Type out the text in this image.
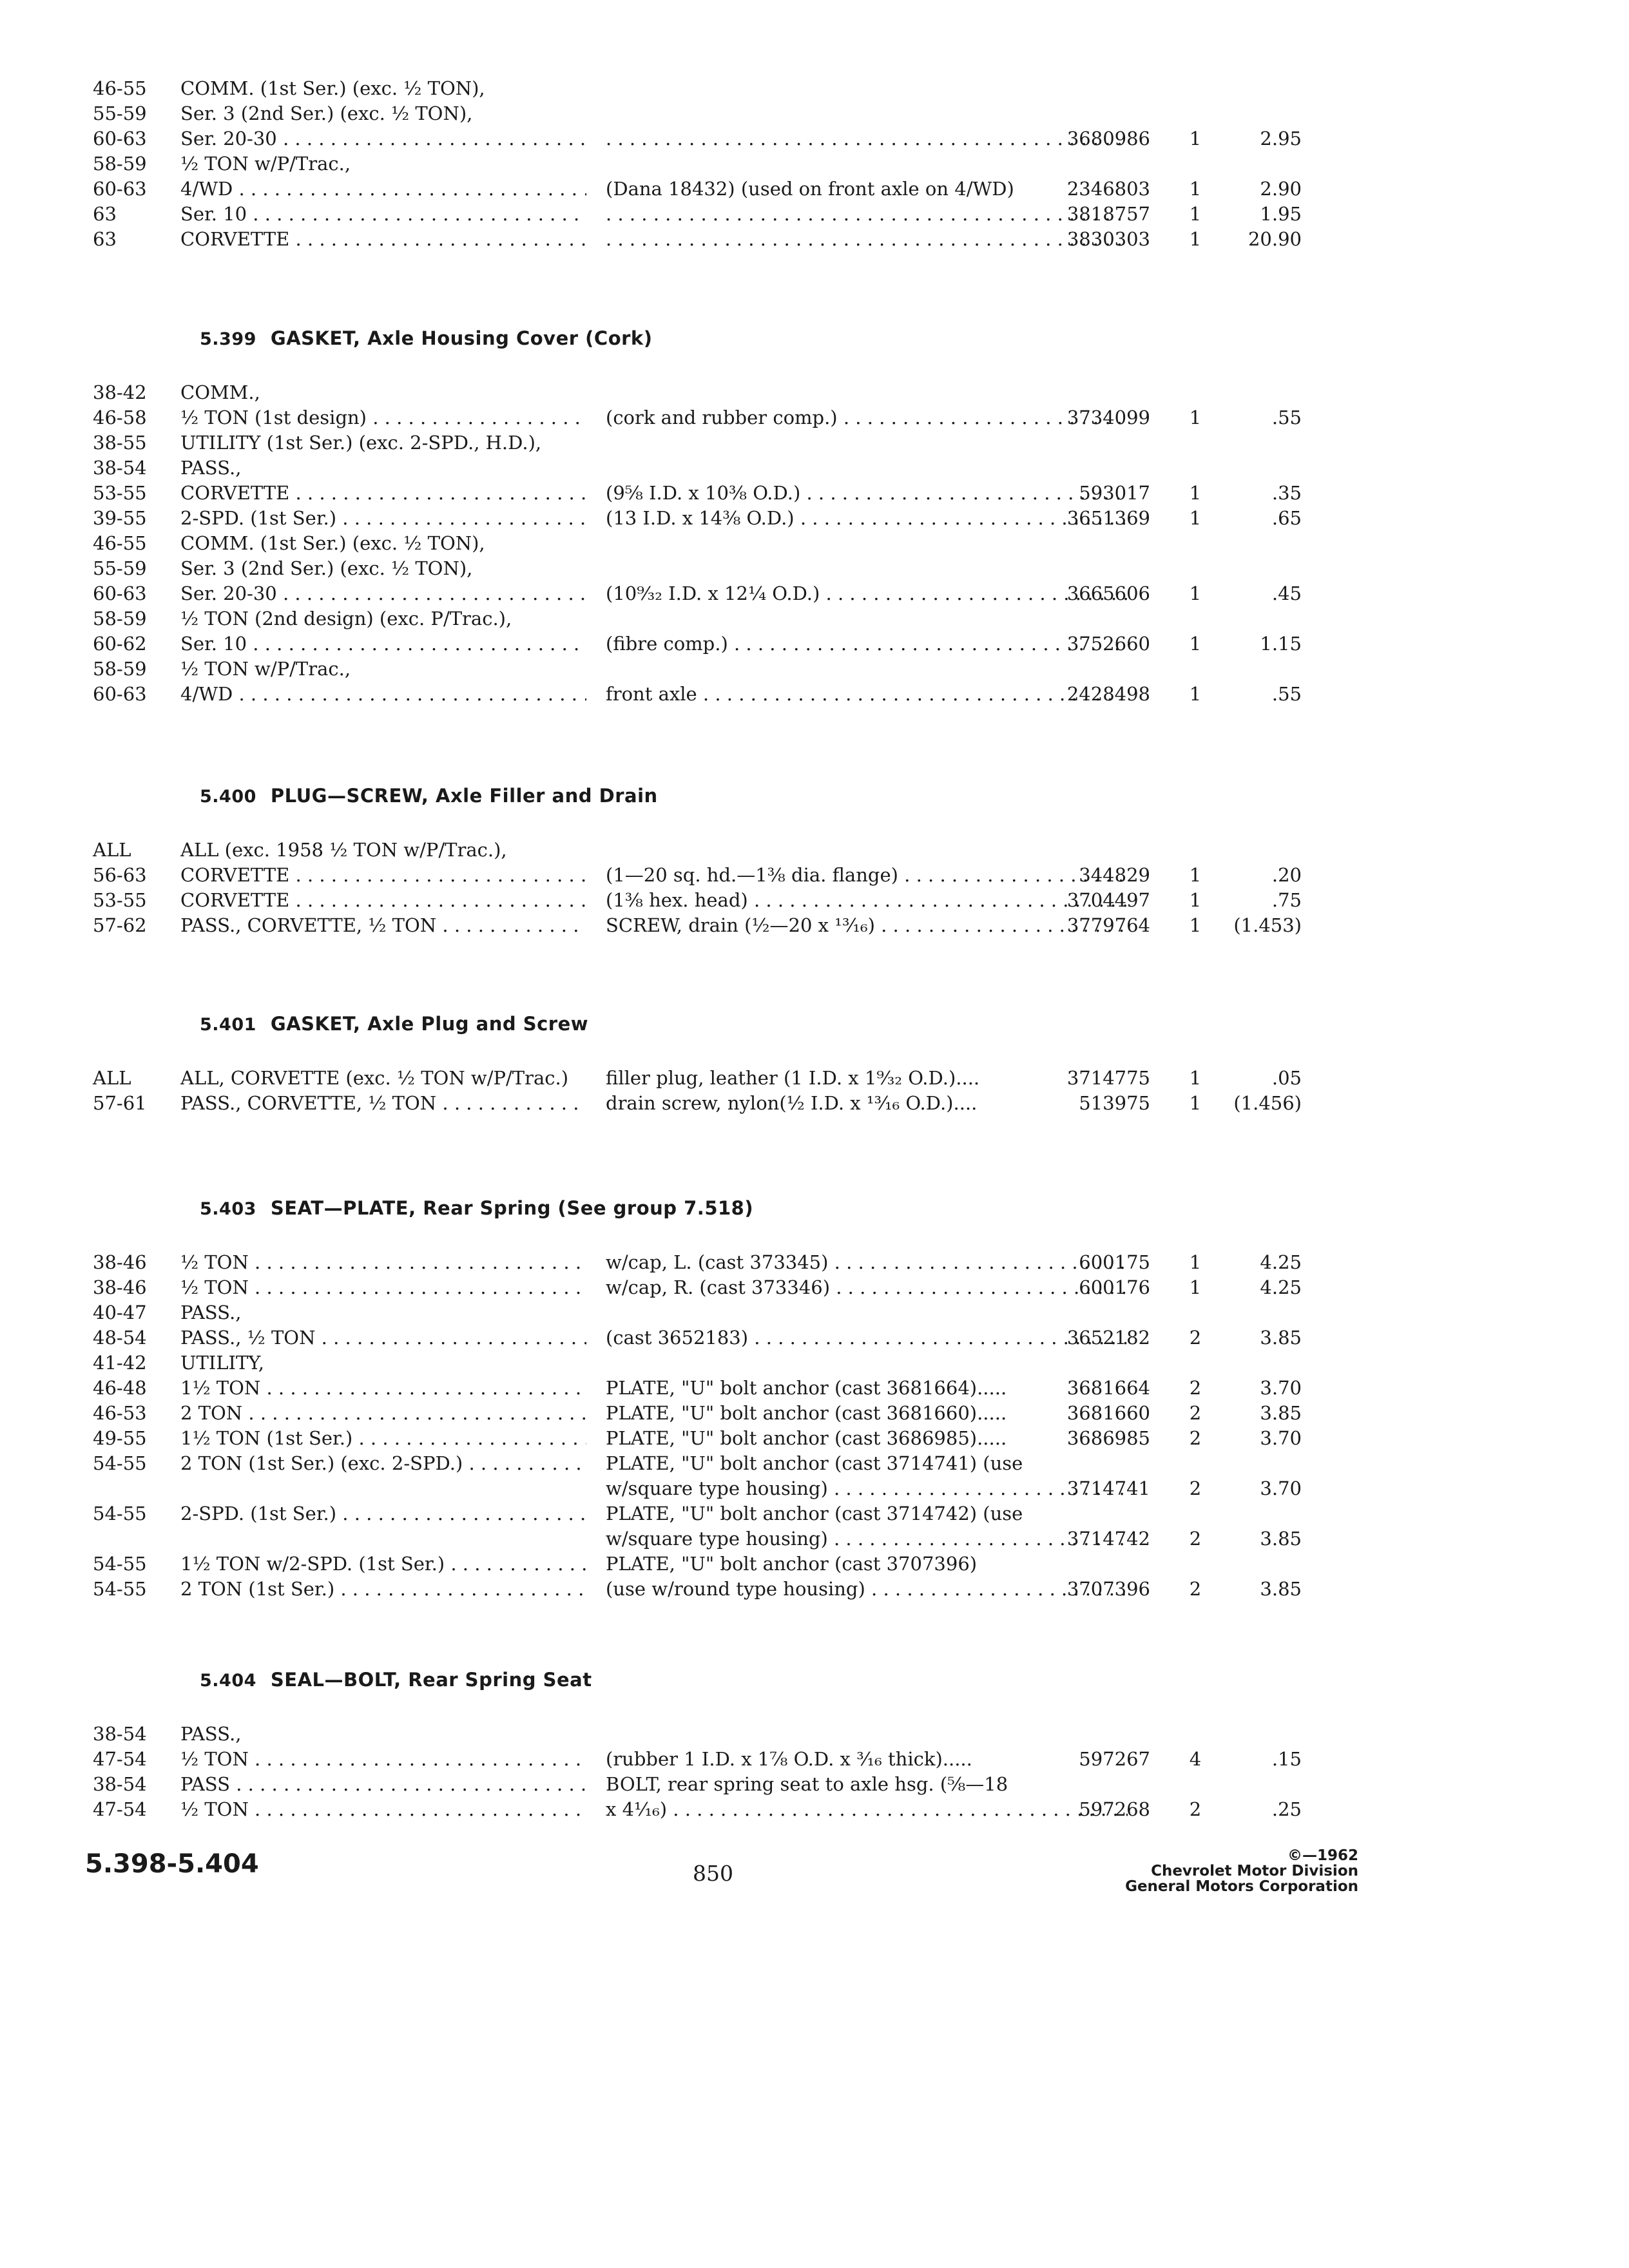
46-55	COMM. (1st Ser.) (exc. ½ TON),
55-59	Ser. 3 (2nd Ser.) (exc. ½ TON),
60-63	Ser. 20-30 . . . . . .	3680986	1	2.95
58-59	½ TON w/P/Trac.,
60-63	4/WD . . .	(Dana 18432) (used on front axle on 4/WD)	2346803	1	2.90
63	Ser. 10 . . . . . .	3818757	1	1.95
63	CORVETTE . . . . . .	3830303	1	20.90
5.399 GASKET, Axle Housing Cover (Cork)
38-42	COMM.,
46-58	½ TON (1st design) . . .	(cork and rubber comp.) . . .	3734099	1	.55
38-55	UTILITY (1st Ser.) (exc. 2-SPD., H.D.),
38-54	PASS.,
53-55	CORVETTE . . .	(9⅝ I.D. x 10⅜ O.D.) . . .	593017	1	.35
39-55	2-SPD. (1st Ser.) . . .	(13 I.D. x 14⅜ O.D.) . . .	3651369	1	.65
46-55	COMM. (1st Ser.) (exc. ½ TON),
55-59	Ser. 3 (2nd Ser.) (exc. ½ TON),
60-63	Ser. 20-30 . . .	(10⁹⁄₃₂ I.D. x 12¼ O.D.) . . .	3665606	1	.45
58-59	½ TON (2nd design) (exc. P/Trac.),
60-62	Ser. 10 . . .	(fibre comp.) . . .	3752660	1	1.15
58-59	½ TON w/P/Trac.,
60-63	4/WD . . .	front axle . . .	2428498	1	.55
5.400 PLUG—SCREW, Axle Filler and Drain
ALL	ALL (exc. 1958 ½ TON w/P/Trac.),
56-63	CORVETTE . . .	(1—20 sq. hd.—1⅜ dia. flange) . . .	344829	1	.20
53-55	CORVETTE . . .	(1⅜ hex. head) . . .	3704497	1	.75
57-62	PASS., CORVETTE, ½ TON . . .	SCREW, drain (½—20 x ¹³⁄₁₆) . . .	3779764	1	(1.453)
5.401 GASKET, Axle Plug and Screw
ALL	ALL, CORVETTE (exc. ½ TON w/P/Trac.)	filler plug, leather (1 I.D. x 1⁹⁄₃₂ O.D.)....	3714775	1	.05
57-61	PASS., CORVETTE, ½ TON . . .	drain screw, nylon(½ I.D. x ¹³⁄₁₆ O.D.)....	513975	1	(1.456)
5.403 SEAT—PLATE, Rear Spring (See group 7.518)
38-46	½ TON . . .	w/cap, L. (cast 373345) . . .	600175	1	4.25
38-46	½ TON . . .	w/cap, R. (cast 373346) . . .	600176	1	4.25
40-47	PASS.,
48-54	PASS., ½ TON . . .	(cast 3652183) . . .	3652182	2	3.85
41-42	UTILITY,
46-48	1½ TON . . .	PLATE, "U" bolt anchor (cast 3681664).....	3681664	2	3.70
46-53	2 TON . . .	PLATE, "U" bolt anchor (cast 3681660).....	3681660	2	3.85
49-55	1½ TON (1st Ser.) . . .	PLATE, "U" bolt anchor (cast 3686985).....	3686985	2	3.70
54-55	2 TON (1st Ser.) (exc. 2-SPD.) . . .	PLATE, "U" bolt anchor (cast 3714741) (use
w/square type housing) . . .	3714741	2	3.70
54-55	2-SPD. (1st Ser.) . . .	PLATE, "U" bolt anchor (cast 3714742) (use
w/square type housing) . . .	3714742	2	3.85
54-55	1½ TON w/2-SPD. (1st Ser.) . . .	PLATE, "U" bolt anchor (cast 3707396)
54-55	2 TON (1st Ser.) . . .	(use w/round type housing) . . .	3707396	2	3.85
5.404 SEAL—BOLT, Rear Spring Seat
38-54	PASS.,
47-54	½ TON . . .	(rubber 1 I.D. x 1⅞ O.D. x ³⁄₁₆ thick).....	597267	4	.15
38-54	PASS . . .	BOLT, rear spring seat to axle hsg. (⅝—18
47-54	½ TON . . .	x 4¹⁄₁₆) . . .	597268	2	.25
5.398-5.404	850
©—1962
Chevrolet Motor Division
General Motors Corporation
